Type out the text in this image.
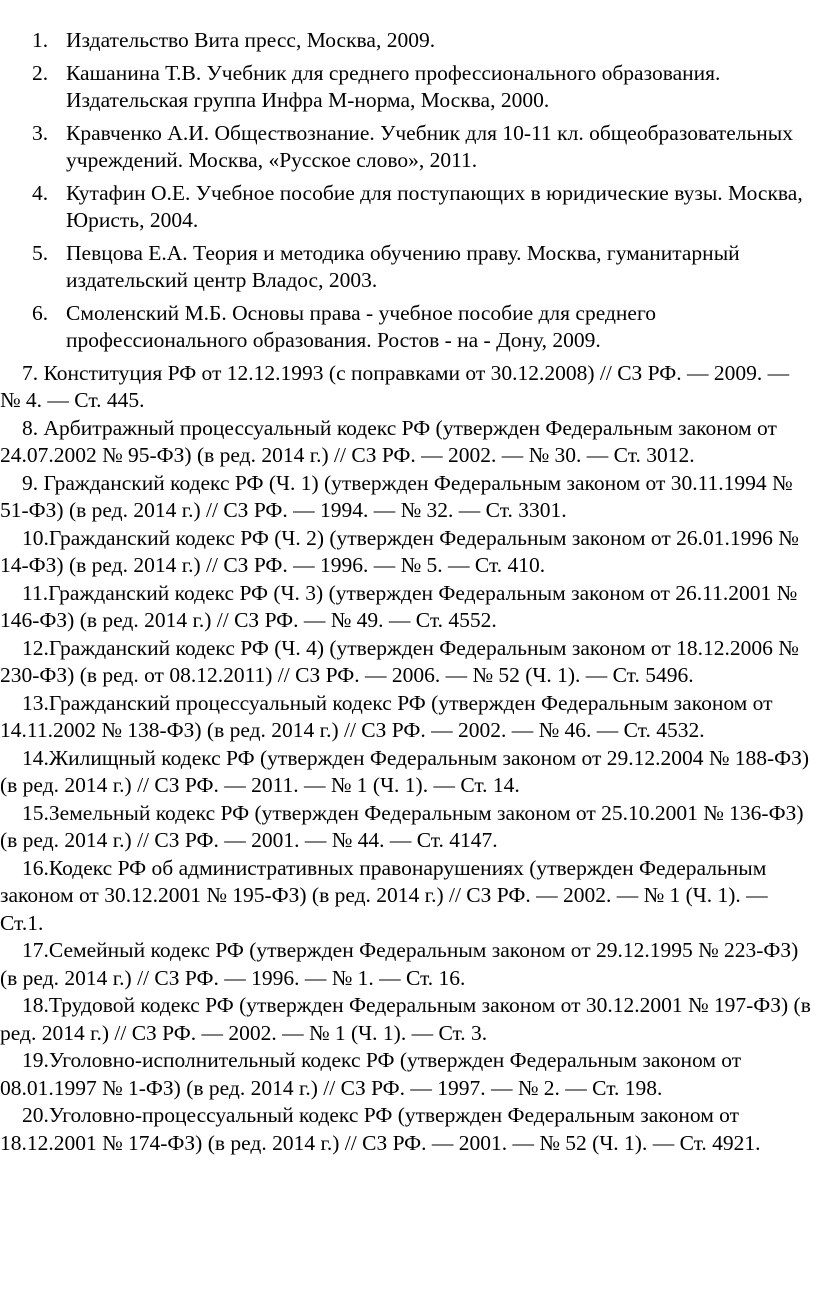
1. Издательство Вита пресс, Москва, 2009.
2. Кашанина Т.В. Учебник для среднего профессионального образования. Издательская группа Инфра М-норма, Москва, 2000.
3. Кравченко А.И. Обществознание. Учебник для 10-11 кл. общеобразовательных учреждений. Москва, «Русское слово», 2011.
4. Кутафин О.Е. Учебное пособие для поступающих в юридические вузы. Москва, Юристь, 2004.
5. Певцова Е.А. Теория и методика обучению праву. Москва, гуманитарный издательский центр Владос, 2003.
6. Смоленский М.Б. Основы права - учебное пособие для среднего профессионального образования. Ростов - на - Дону, 2009.

7. Конституция РФ от 12.12.1993 (с поправками от 30.12.2008) // СЗ РФ. — 2009. — № 4. — Ст. 445.

8. Арбитражный процессуальный кодекс РФ (утвержден Федеральным законом от 24.07.2002 № 95-ФЗ) (в ред. 2014 г.) // СЗ РФ. — 2002. — № 30. — Ст. 3012.

9. Гражданский кодекс РФ (Ч. 1) (утвержден Федеральным законом от 30.11.1994 № 51-ФЗ) (в ред. 2014 г.) // СЗ РФ. — 1994. — № 32. — Ст. 3301.

10.Гражданский кодекс РФ (Ч. 2) (утвержден Федеральным законом от 26.01.1996 № 14-ФЗ) (в ред. 2014 г.) // СЗ РФ. — 1996. — № 5. — Ст. 410.

11.Гражданский кодекс РФ (Ч. 3) (утвержден Федеральным законом от 26.11.2001 № 146-ФЗ) (в ред. 2014 г.) // СЗ РФ. — № 49. — Ст. 4552.

12.Гражданский кодекс РФ (Ч. 4) (утвержден Федеральным законом от 18.12.2006 № 230-ФЗ) (в ред. от 08.12.2011) // СЗ РФ. — 2006. — № 52 (Ч. 1). — Ст. 5496.

13.Гражданский процессуальный кодекс РФ (утвержден Федеральным законом от 14.11.2002 № 138-ФЗ) (в ред. 2014 г.) // СЗ РФ. — 2002. — № 46. — Ст. 4532.

14.Жилищный кодекс РФ (утвержден Федеральным законом от 29.12.2004 № 188-ФЗ) (в ред. 2014 г.) // СЗ РФ. — 2011. — № 1 (Ч. 1). — Ст. 14.

15.Земельный кодекс РФ (утвержден Федеральным законом от 25.10.2001 № 136-ФЗ) (в ред. 2014 г.) // СЗ РФ. — 2001. — № 44. — Ст. 4147.

16.Кодекс РФ об административных правонарушениях (утвержден Федеральным законом от 30.12.2001 № 195-ФЗ) (в ред. 2014 г.) // СЗ РФ. — 2002. — № 1 (Ч. 1). — Ст.1.

17.Семейный кодекс РФ (утвержден Федеральным законом от 29.12.1995 № 223-ФЗ) (в ред. 2014 г.) // СЗ РФ. — 1996. — № 1. — Ст. 16.

18.Трудовой кодекс РФ (утвержден Федеральным законом от 30.12.2001 № 197-ФЗ) (в ред. 2014 г.) // СЗ РФ. — 2002. — № 1 (Ч. 1). — Ст. 3.

19.Уголовно-исполнительный кодекс РФ (утвержден Федеральным законом от 08.01.1997 № 1-ФЗ) (в ред. 2014 г.) // СЗ РФ. — 1997. — № 2. — Ст. 198.

20.Уголовно-процессуальный кодекс РФ (утвержден Федеральным законом от 18.12.2001 № 174-ФЗ) (в ред. 2014 г.) // СЗ РФ. — 2001. — № 52 (Ч. 1). — Ст. 4921.
